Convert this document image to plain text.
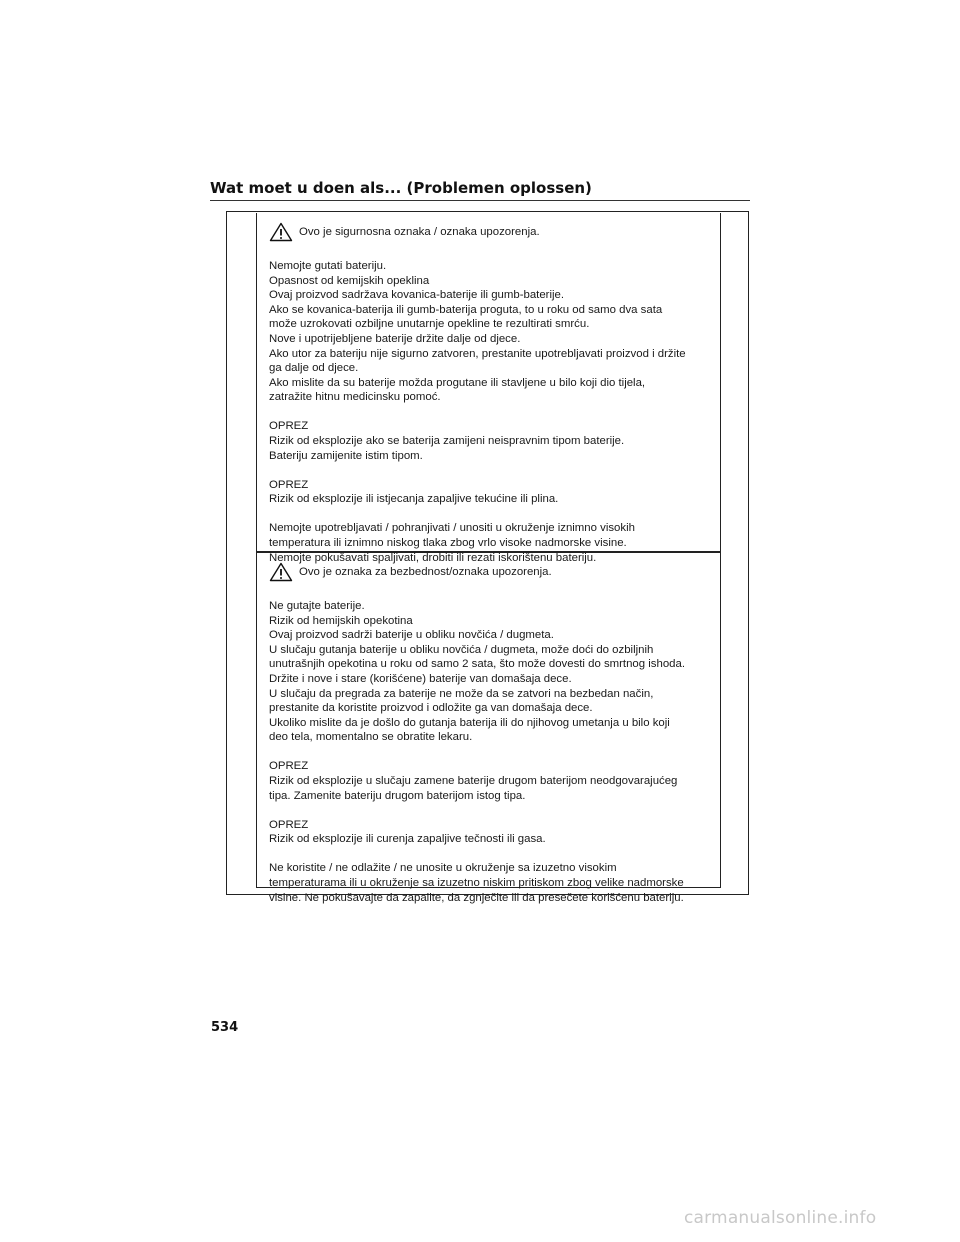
Wat moet u doen als... (Problemen oplossen)
Ovo je sigurnosna oznaka / oznaka upozorenja.
Nemojte gutati bateriju.
Opasnost od kemijskih opeklina
Ovaj proizvod sadržava kovanica-baterije ili gumb-baterije.
Ako se kovanica-baterija ili gumb-baterija proguta, to u roku od samo dva sata
može uzrokovati ozbiljne unutarnje opekline te rezultirati smrću.
Nove i upotrijebljene baterije držite dalje od djece.
Ako utor za bateriju nije sigurno zatvoren, prestanite upotrebljavati proizvod i držite
ga dalje od djece.
Ako mislite da su baterije možda progutane ili stavljene u bilo koji dio tijela,
zatražite hitnu medicinsku pomoć.
OPREZ
Rizik od eksplozije ako se baterija zamijeni neispravnim tipom baterije.
Bateriju zamijenite istim tipom.
OPREZ
Rizik od eksplozije ili istjecanja zapaljive tekućine ili plina.
Nemojte upotrebljavati / pohranjivati / unositi u okruženje iznimno visokih
temperatura ili iznimno niskog tlaka zbog vrlo visoke nadmorske visine.
Nemojte pokušavati spaljivati, drobiti ili rezati iskorištenu bateriju.
Ovo je oznaka za bezbednost/oznaka upozorenja.
Ne gutajte baterije.
Rizik od hemijskih opekotina
Ovaj proizvod sadrži baterije u obliku novčića / dugmeta.
U slučaju gutanja baterije u obliku novčića / dugmeta, može doći do ozbiljnih
unutrašnjih opekotina u roku od samo 2 sata, što može dovesti do smrtnog ishoda.
Držite i nove i stare (korišćene) baterije van domašaja dece.
U slučaju da pregrada za baterije ne može da se zatvori na bezbedan način,
prestanite da koristite proizvod i odložite ga van domašaja dece.
Ukoliko mislite da je došlo do gutanja baterija ili do njihovog umetanja u bilo koji
deo tela, momentalno se obratite lekaru.
OPREZ
Rizik od eksplozije u slučaju zamene baterije drugom baterijom neodgovarajućeg
tipa. Zamenite bateriju drugom baterijom istog tipa.
OPREZ
Rizik od eksplozije ili curenja zapaljive tečnosti ili gasa.
Ne koristite / ne odlažite / ne unosite u okruženje sa izuzetno visokim
temperaturama ili u okruženje sa izuzetno niskim pritiskom zbog velike nadmorske
visine. Ne pokušavajte da zapalite, da zgnječite ili da presečete korišćenu bateriju.
534
carmanualsonline.info
